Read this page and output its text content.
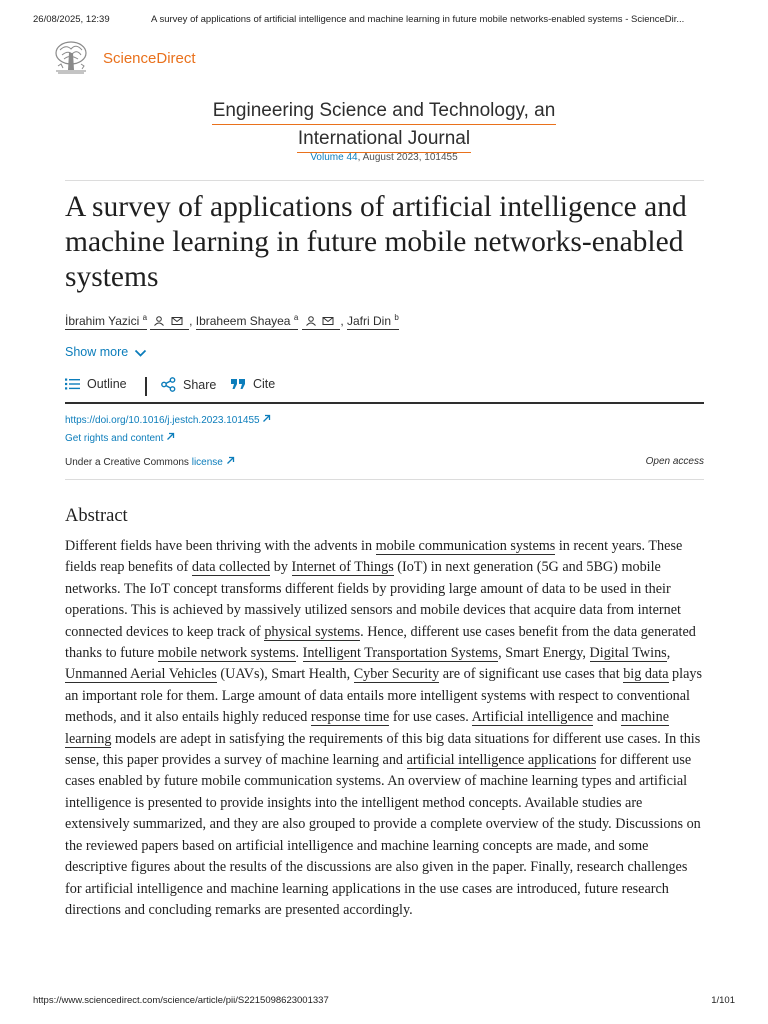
26/08/2025, 12:39	A survey of applications of artificial intelligence and machine learning in future mobile networks-enabled systems - ScienceDir...
ScienceDirect
Engineering Science and Technology, an
International Journal
Volume 44, August 2023, 101455
A survey of applications of artificial intelligence and machine learning in future mobile networks-enabled systems
İbrahim Yazici $^a$	, Ibraheem Shayea $^a$	, Jafri Din $^b$
Show more
Outline	Share	Cite
https://doi.org/10.1016/j.jestch.2023.101455
Get rights and content
Under a Creative Commons license	Open access
Abstract

Different fields have been thriving with the advents in mobile communication systems in recent years. These fields reap benefits of data collected by Internet of Things (IoT) in next generation (5G and 5BG) mobile networks. The IoT concept transforms different fields by providing large amount of data to be used in their operations. This is achieved by massively utilized sensors and mobile devices that acquire data from internet connected devices to keep track of physical systems. Hence, different use cases benefit from the data generated thanks to future mobile network systems. Intelligent Transportation Systems, Smart Energy, Digital Twins, Unmanned Aerial Vehicles (UAVs), Smart Health, Cyber Security are of significant use cases that big data plays an important role for them. Large amount of data entails more intelligent systems with respect to conventional methods, and it also entails highly reduced response time for use cases. Artificial intelligence and machine learning models are adept in satisfying the requirements of this big data situations for different use cases. In this sense, this paper provides a survey of machine learning and artificial intelligence applications for different use cases enabled by future mobile communication systems. An overview of machine learning types and artificial intelligence is presented to provide insights into the intelligent method concepts. Available studies are extensively summarized, and they are also grouped to provide a complete overview of the study. Discussions on the reviewed papers based on artificial intelligence and machine learning concepts are made, and some descriptive figures about the results of the discussions are also given in the paper. Finally, research challenges for artificial intelligence and machine learning applications in the use cases are introduced, future research directions and concluding remarks are presented accordingly.

https://www.sciencedirect.com/science/article/pii/S2215098623001337	1/101
